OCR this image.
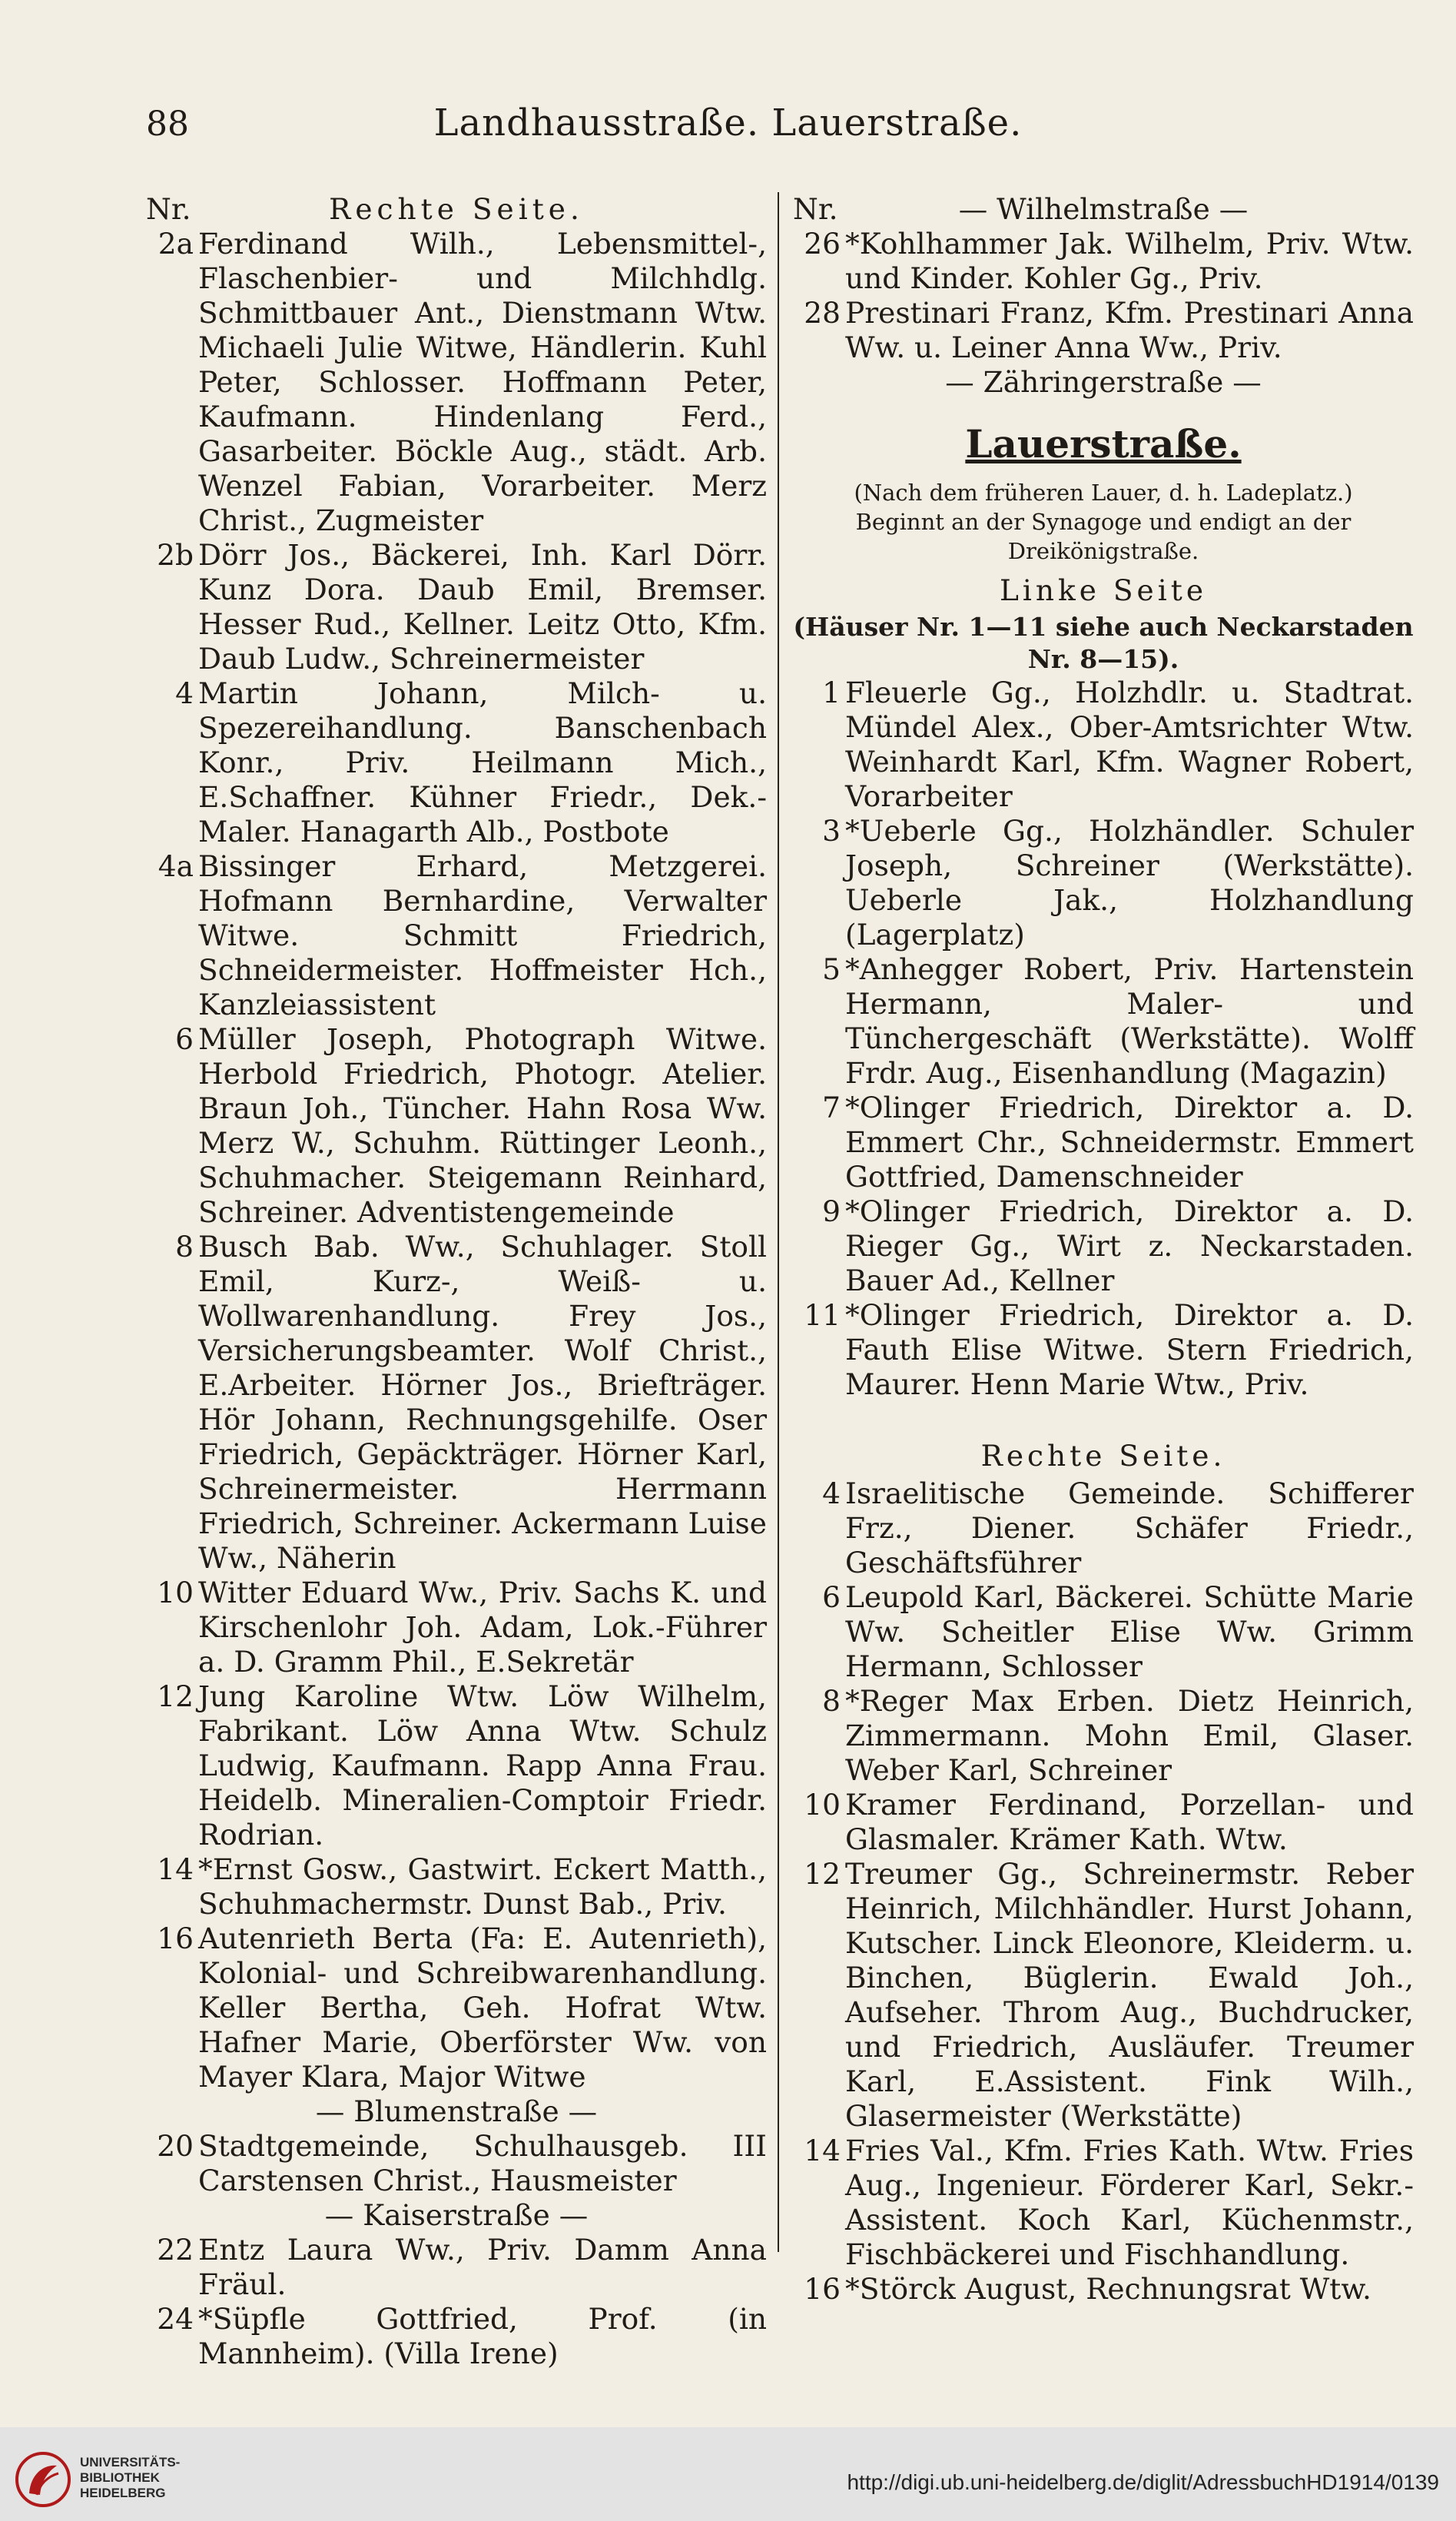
88	Landhausstraße. Lauerstraße.
Nr.	Rechte Seite.
2a Ferdinand Wilh., Lebensmittel-, Flaschenbier- und Milchhdlg. Schmittbauer Ant., Dienstmann Wtw. Michaeli Julie Witwe, Händlerin. Kuhl Peter, Schlosser. Hoffmann Peter, Kaufmann. Hindenlang Ferd., Gasarbeiter. Böckle Aug., städt. Arb. Wenzel Fabian, Vorarbeiter. Merz Christ., Zugmeister
2b Dörr Jos., Bäckerei, Inh. Karl Dörr. Kunz Dora. Daub Emil, Bremser. Hesser Rud., Kellner. Leitz Otto, Kfm. Daub Ludw., Schreinermeister
4 Martin Johann, Milch- u. Spezereihandlung. Banschenbach Konr., Priv. Heilmann Mich., E.Schaffner. Kühner Friedr., Dek.-Maler. Hanagarth Alb., Postbote
4a Bissinger Erhard, Metzgerei. Hofmann Bernhardine, Verwalter Witwe. Schmitt Friedrich, Schneidermeister. Hoffmeister Hch., Kanzleiassistent
6 Müller Joseph, Photograph Witwe. Herbold Friedrich, Photogr. Atelier. Braun Joh., Tüncher. Hahn Rosa Ww. Merz W., Schuhm. Rüttinger Leonh., Schuhmacher. Steigemann Reinhard, Schreiner. Adventistengemeinde
8 Busch Bab. Ww., Schuhlager. Stoll Emil, Kurz-, Weiß- u. Wollwarenhandlung. Frey Jos., Versicherungsbeamter. Wolf Christ., E.Arbeiter. Hörner Jos., Briefträger. Hör Johann, Rechnungsgehilfe. Oser Friedrich, Gepäckträger. Hörner Karl, Schreinermeister. Herrmann Friedrich, Schreiner. Ackermann Luise Ww., Näherin
10 Witter Eduard Ww., Priv. Sachs K. und Kirschenlohr Joh. Adam, Lok.-Führer a. D. Gramm Phil., E.Sekretär
12 Jung Karoline Wtw. Löw Wilhelm, Fabrikant. Löw Anna Wtw. Schulz Ludwig, Kaufmann. Rapp Anna Frau. Heidelb. Mineralien-Comptoir Friedr. Rodrian.
14 *Ernst Gosw., Gastwirt. Eckert Matth., Schuhmachermstr. Dunst Bab., Priv.
16 Autenrieth Berta (Fa: E. Autenrieth), Kolonial- und Schreibwarenhandlung. Keller Bertha, Geh. Hofrat Wtw. Hafner Marie, Oberförster Ww. von Mayer Klara, Major Witwe
— Blumenstraße —
20 Stadtgemeinde, Schulhausgeb. III Carstensen Christ., Hausmeister
— Kaiserstraße —
22 Entz Laura Ww., Priv. Damm Anna Fräul.
24 *Süpfle Gottfried, Prof. (in Mannheim). (Villa Irene)
Nr.	— Wilhelmstraße —
26 *Kohlhammer Jak. Wilhelm, Priv. Wtw. und Kinder. Kohler Gg., Priv.
28 Prestinari Franz, Kfm. Prestinari Anna Ww. u. Leiner Anna Ww., Priv.
— Zähringerstraße —
Lauerstraße.
(Nach dem früheren Lauer, d. h. Ladeplatz.)
Beginnt an der Synagoge und endigt an der Dreikönigstraße.
Linke Seite
(Häuser Nr. 1—11 siehe auch Neckarstaden Nr. 8—15).
1 Fleuerle Gg., Holzhdlr. u. Stadtrat. Mündel Alex., Ober-Amtsrichter Wtw. Weinhardt Karl, Kfm. Wagner Robert, Vorarbeiter
3 *Ueberle Gg., Holzhändler. Schuler Joseph, Schreiner (Werkstätte). Ueberle Jak., Holzhandlung (Lagerplatz)
5 *Anhegger Robert, Priv. Hartenstein Hermann, Maler- und Tünchergeschäft (Werkstätte). Wolff Frdr. Aug., Eisenhandlung (Magazin)
7 *Olinger Friedrich, Direktor a. D. Emmert Chr., Schneidermstr. Emmert Gottfried, Damenschneider
9 *Olinger Friedrich, Direktor a. D. Rieger Gg., Wirt z. Neckarstaden. Bauer Ad., Kellner
11 *Olinger Friedrich, Direktor a. D. Fauth Elise Witwe. Stern Friedrich, Maurer. Henn Marie Wtw., Priv.
Rechte Seite.
4 Israelitische Gemeinde. Schifferer Frz., Diener. Schäfer Friedr., Geschäftsführer
6 Leupold Karl, Bäckerei. Schütte Marie Ww. Scheitler Elise Ww. Grimm Hermann, Schlosser
8 *Reger Max Erben. Dietz Heinrich, Zimmermann. Mohn Emil, Glaser. Weber Karl, Schreiner
10 Kramer Ferdinand, Porzellan- und Glasmaler. Krämer Kath. Wtw.
12 Treumer Gg., Schreinermstr. Reber Heinrich, Milchhändler. Hurst Johann, Kutscher. Linck Eleonore, Kleiderm. u. Binchen, Büglerin. Ewald Joh., Aufseher. Throm Aug., Buchdrucker, und Friedrich, Ausläufer. Treumer Karl, E.Assistent. Fink Wilh., Glasermeister (Werkstätte)
14 Fries Val., Kfm. Fries Kath. Wtw. Fries Aug., Ingenieur. Förderer Karl, Sekr.-Assistent. Koch Karl, Küchenmstr., Fischbäckerei und Fischhandlung.
16 *Störck August, Rechnungsrat Wtw.
UNIVERSITÄTS-
BIBLIOTHEK
HEIDELBERG	http://digi.ub.uni-heidelberg.de/diglit/AdressbuchHD1914/0139
